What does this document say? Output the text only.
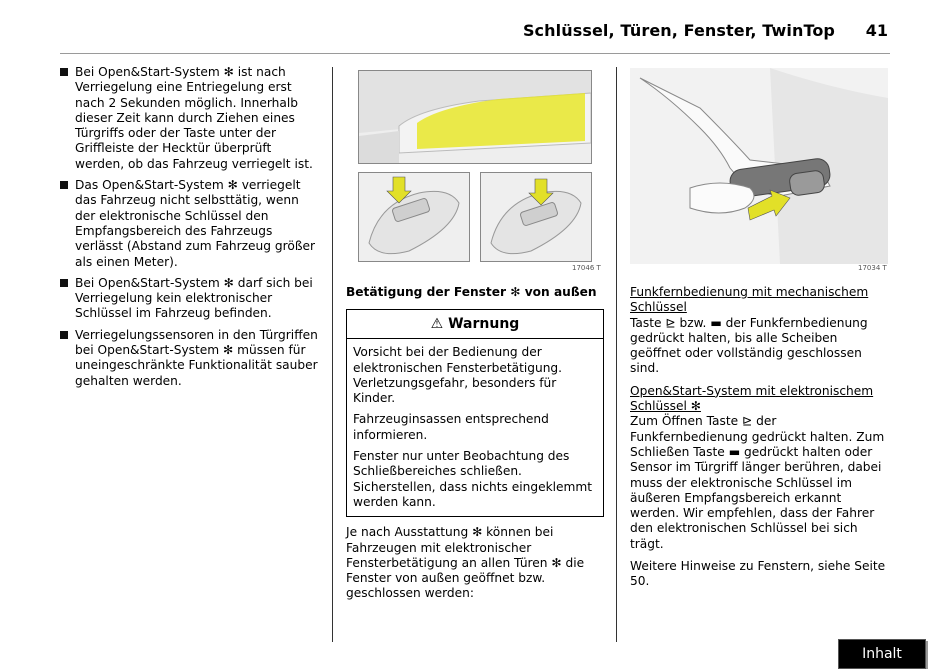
Schlüssel, Türen, Fenster, TwinTop 41
Bei Open&Start-System ✻ ist nach Verriegelung eine Entriegelung erst nach 2 Sekunden möglich. Innerhalb dieser Zeit kann durch Ziehen eines Türgriffs oder der Taste unter der Griffleiste der Hecktür überprüft werden, ob das Fahrzeug verriegelt ist.
Das Open&Start-System ✻ verriegelt das Fahrzeug nicht selbsttätig, wenn der elektronische Schlüssel den Empfangsbereich des Fahrzeugs verlässt (Abstand zum Fahrzeug größer als einen Meter).
Bei Open&Start-System ✻ darf sich bei Verriegelung kein elektronischer Schlüssel im Fahrzeug befinden.
Verriegelungssensoren in den Türgriffen bei Open&Start-System ✻ müssen für uneingeschränkte Funktionalität sauber gehalten werden.
17046 T	17034 T
Betätigung der Fenster ✻ von außen
⚠ Warnung

Vorsicht bei der Bedienung der elektronischen Fensterbetätigung. Verletzungsgefahr, besonders für Kinder.

Fahrzeuginsassen entsprechend informieren.

Fenster nur unter Beobachtung des Schließbereiches schließen. Sicherstellen, dass nichts eingeklemmt werden kann.

Je nach Ausstattung ✻ können bei Fahrzeugen mit elektronischer Fensterbetätigung an allen Türen ✻ die Fenster von außen geöffnet bzw. geschlossen werden:

Funkfernbedienung mit mechanischem Schlüssel

Taste ⊵ bzw. ▬ der Funkfernbedienung gedrückt halten, bis alle Scheiben geöffnet oder vollständig geschlossen sind.

Open&Start-System mit elektronischem Schlüssel ✻

Zum Öffnen Taste ⊵ der Funkfernbedienung gedrückt halten. Zum Schließen Taste ▬ gedrückt halten oder Sensor im Türgriff länger berühren, dabei muss der elektronische Schlüssel im äußeren Empfangsbereich erkannt werden. Wir empfehlen, dass der Fahrer den elektronischen Schlüssel bei sich trägt.

Weitere Hinweise zu Fenstern, siehe Seite 50.

Inhalt
